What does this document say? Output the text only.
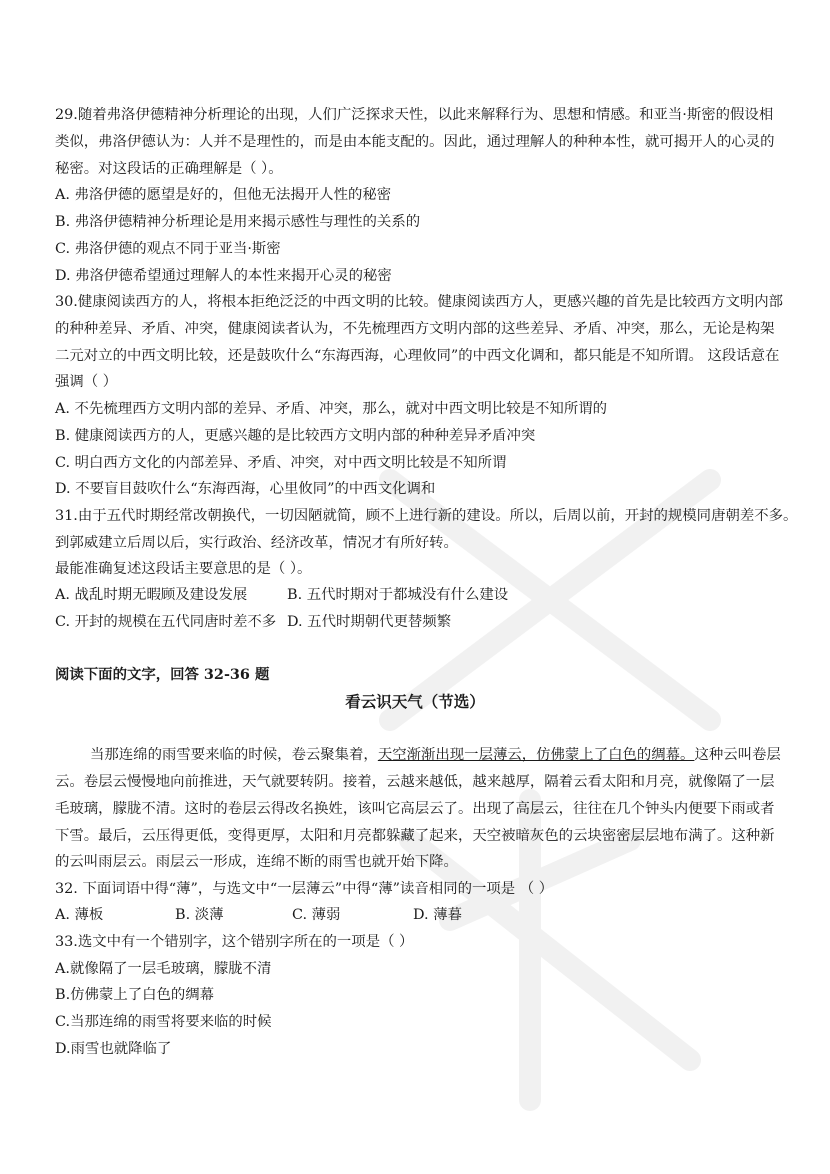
29.随着弗洛伊德精神分析理论的出现，人们广泛探求天性，以此来解释行为、思想和情感。和亚当·斯密的假设相
类似，弗洛伊德认为：人并不是理性的，而是由本能支配的。因此，通过理解人的种种本性，就可揭开人的心灵的
秘密。对这段话的正确理解是（ ）。
A. 弗洛伊德的愿望是好的，但他无法揭开人性的秘密
B. 弗洛伊德精神分析理论是用来揭示感性与理性的关系的
C. 弗洛伊德的观点不同于亚当·斯密
D. 弗洛伊德希望通过理解人的本性来揭开心灵的秘密
30.健康阅读西方的人，将根本拒绝泛泛的中西文明的比较。健康阅读西方人，更感兴趣的首先是比较西方文明内部
的种种差异、矛盾、冲突，健康阅读者认为，不先梳理西方文明内部的这些差异、矛盾、冲突，那么，无论是构架
二元对立的中西文明比较，还是鼓吹什么“东海西海，心理攸同”的中西文化调和，都只能是不知所谓。 这段话意在
强调（ ）
A. 不先梳理西方文明内部的差异、矛盾、冲突，那么，就对中西文明比较是不知所谓的
B. 健康阅读西方的人，更感兴趣的是比较西方文明内部的种种差异矛盾冲突
C. 明白西方文化的内部差异、矛盾、冲突，对中西文明比较是不知所谓
D. 不要盲目鼓吹什么“东海西海，心里攸同”的中西文化调和
31.由于五代时期经常改朝换代，一切因陋就简，顾不上进行新的建设。所以，后周以前，开封的规模同唐朝差不多。
到郭威建立后周以后，实行政治、经济改革，情况才有所好转。
最能准确复述这段话主要意思的是（ ）。
A. 战乱时期无暇顾及建设发展	B. 五代时期对于都城没有什么建设
C. 开封的规模在五代同唐时差不多 D. 五代时期朝代更替频繁
阅读下面的文字，回答 32-36 题
看云识天气（节选）
当那连绵的雨雪要来临的时候，卷云聚集着，天空渐渐出现一层薄云，仿佛蒙上了白色的绸幕。这种云叫卷层
云。卷层云慢慢地向前推进，天气就要转阴。接着，云越来越低，越来越厚，隔着云看太阳和月亮，就像隔了一层
毛玻璃，朦胧不清。这时的卷层云得改名换姓，该叫它高层云了。出现了高层云，往往在几个钟头内便要下雨或者
下雪。最后，云压得更低，变得更厚，太阳和月亮都躲藏了起来，天空被暗灰色的云块密密层层地布满了。这种新
的云叫雨层云。雨层云一形成，连绵不断的雨雪也就开始下降。
32. 下面词语中得“薄”，与选文中“一层薄云”中得“薄”读音相同的一项是 （ ）
A. 薄板	B. 淡薄	C. 薄弱	D. 薄暮
33.选文中有一个错别字，这个错别字所在的一项是（ ）
A.就像隔了一层毛玻璃，朦胧不清
B.仿佛蒙上了白色的绸幕
C.当那连绵的雨雪将要来临的时候
D.雨雪也就降临了
